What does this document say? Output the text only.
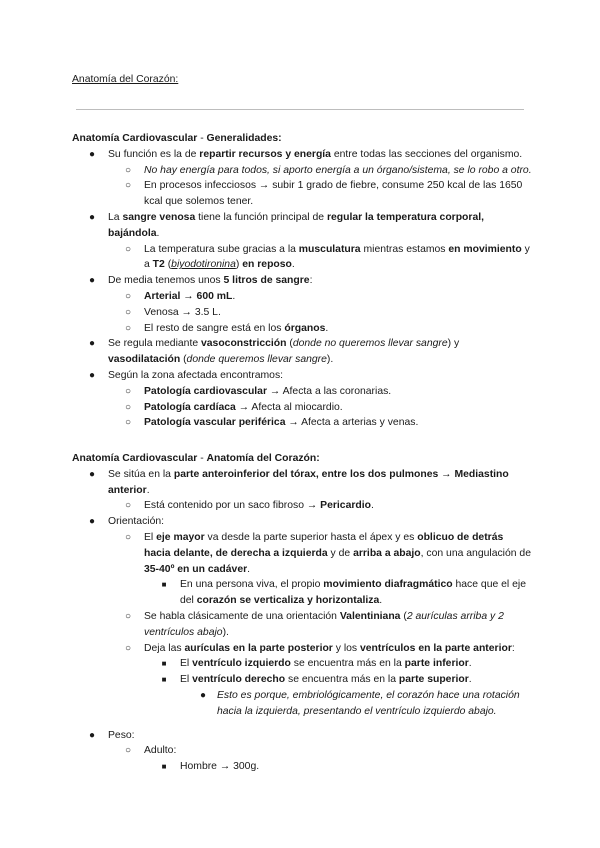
Anatomía del Corazón:
Anatomía Cardiovascular - Generalidades:
● Su función es la de repartir recursos y energía entre todas las secciones del organismo.
○ No hay energía para todos, si aporto energía a un órgano/sistema, se lo robo a otro.
○ En procesos infecciosos → subir 1 grado de fiebre, consume 250 kcal de las 1650 kcal que solemos tener.
● La sangre venosa tiene la función principal de regular la temperatura corporal, bajándola.
○ La temperatura sube gracias a la musculatura mientras estamos en movimiento y a T2 (biyodotironina) en reposo.
● De media tenemos unos 5 litros de sangre:
○ Arterial → 600 mL.
○ Venosa → 3.5 L.
○ El resto de sangre está en los órganos.
● Se regula mediante vasoconstricción (donde no queremos llevar sangre) y vasodilatación (donde queremos llevar sangre).
● Según la zona afectada encontramos:
○ Patología cardiovascular → Afecta a las coronarias.
○ Patología cardíaca → Afecta al miocardio.
○ Patología vascular periférica → Afecta a arterias y venas.
Anatomía Cardiovascular - Anatomía del Corazón:
● Se sitúa en la parte anteroinferior del tórax, entre los dos pulmones → Mediastino anterior.
○ Está contenido por un saco fibroso → Pericardio.
● Orientación:
○ El eje mayor va desde la parte superior hasta el ápex y es oblicuo de detrás hacia delante, de derecha a izquierda y de arriba a abajo, con una angulación de 35-40º en un cadáver.
■	En una persona viva, el propio movimiento diafragmático hace que el eje del corazón se verticaliza y horizontaliza.
○ Se habla clásicamente de una orientación Valentiniana (2 aurículas arriba y 2 ventrículos abajo).
○ Deja las aurículas en la parte posterior y los ventrículos en la parte anterior:
■	El ventrículo izquierdo se encuentra más en la parte inferior.
■	El ventrículo derecho se encuentra más en la parte superior.
● Esto es porque, embriológicamente, el corazón hace una rotación hacia la izquierda, presentando el ventrículo izquierdo abajo.
● Peso:
○ Adulto:
■	Hombre → 300g.
